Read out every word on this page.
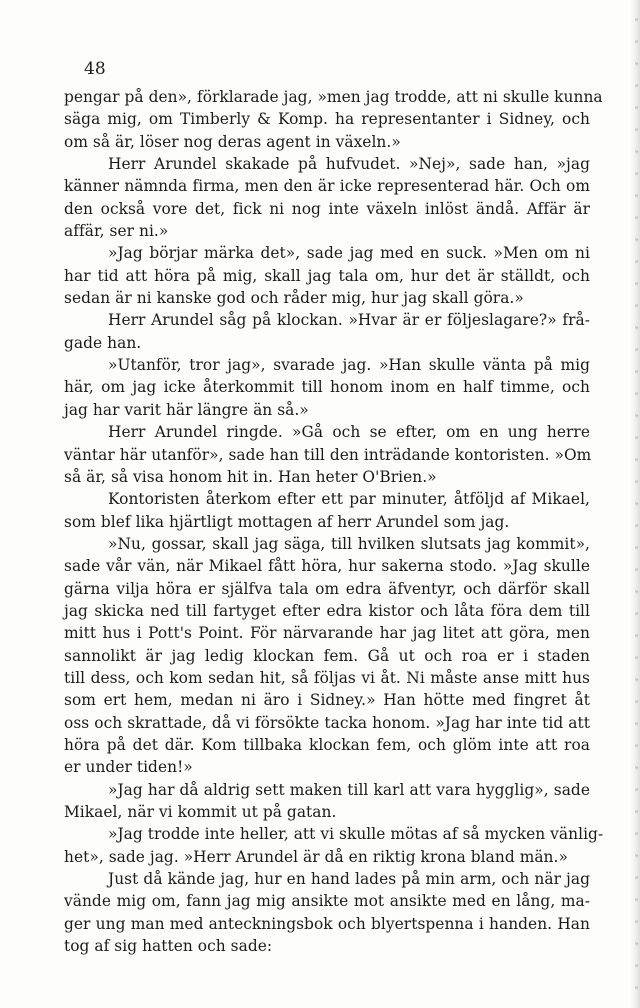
48
pengar på den», förklarade jag, »men jag trodde, att ni skulle kunna
säga mig, om Timberly & Komp. ha representanter i Sidney, och
om så är, löser nog deras agent in växeln.»
Herr Arundel skakade på hufvudet. »Nej», sade han, »jag
känner nämnda firma, men den är icke representerad här. Och om
den också vore det, fick ni nog inte växeln inlöst ändå. Affär är
affär, ser ni.»
»Jag börjar märka det», sade jag med en suck. »Men om ni
har tid att höra på mig, skall jag tala om, hur det är ställdt, och
sedan är ni kanske god och råder mig, hur jag skall göra.»
Herr Arundel såg på klockan. »Hvar är er följeslagare?» frå-
gade han.
»Utanför, tror jag», svarade jag. »Han skulle vänta på mig
här, om jag icke återkommit till honom inom en half timme, och
jag har varit här längre än så.»
Herr Arundel ringde. »Gå och se efter, om en ung herre
väntar här utanför», sade han till den inträdande kontoristen. »Om
så är, så visa honom hit in. Han heter O'Brien.»
Kontoristen återkom efter ett par minuter, åtföljd af Mikael,
som blef lika hjärtligt mottagen af herr Arundel som jag.
»Nu, gossar, skall jag säga, till hvilken slutsats jag kommit»,
sade vår vän, när Mikael fått höra, hur sakerna stodo. »Jag skulle
gärna vilja höra er själfva tala om edra äfventyr, och därför skall
jag skicka ned till fartyget efter edra kistor och låta föra dem till
mitt hus i Pott's Point. För närvarande har jag litet att göra, men
sannolikt är jag ledig klockan fem. Gå ut och roa er i staden
till dess, och kom sedan hit, så följas vi åt. Ni måste anse mitt hus
som ert hem, medan ni äro i Sidney.» Han hötte med fingret åt
oss och skrattade, då vi försökte tacka honom. »Jag har inte tid att
höra på det där. Kom tillbaka klockan fem, och glöm inte att roa
er under tiden!»
»Jag har då aldrig sett maken till karl att vara hygglig», sade
Mikael, när vi kommit ut på gatan.
»Jag trodde inte heller, att vi skulle mötas af så mycken vänlig-
het», sade jag. »Herr Arundel är då en riktig krona bland män.»
Just då kände jag, hur en hand lades på min arm, och när jag
vände mig om, fann jag mig ansikte mot ansikte med en lång, ma-
ger ung man med anteckningsbok och blyertspenna i handen. Han
tog af sig hatten och sade:
